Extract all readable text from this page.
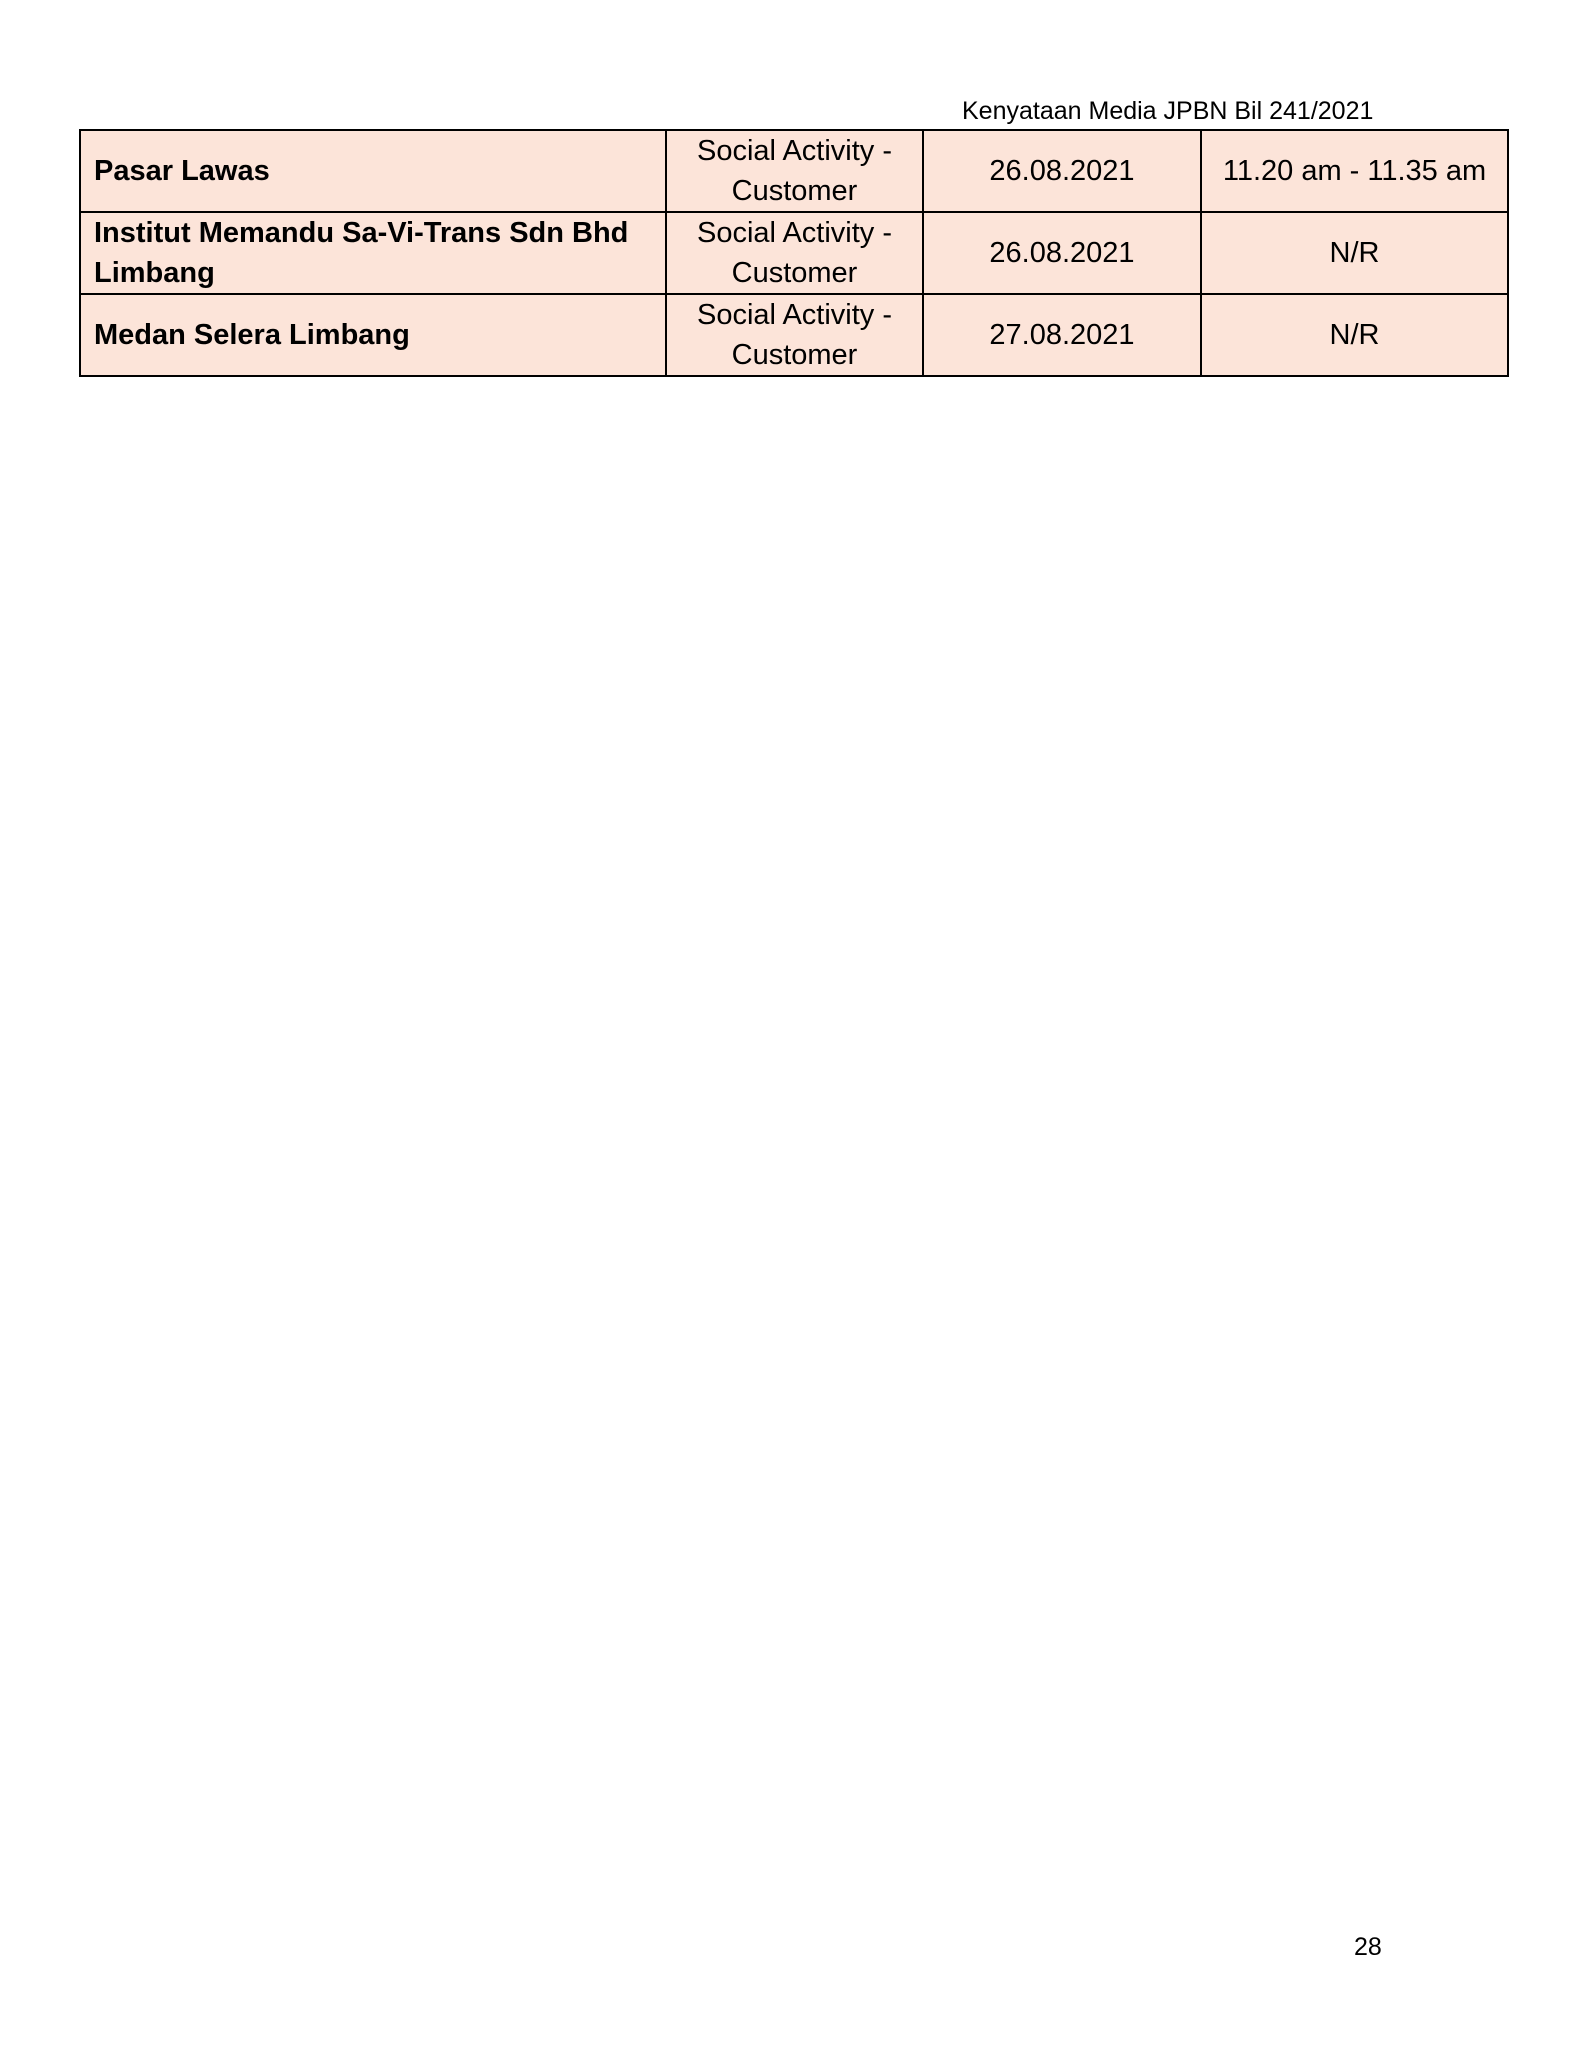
Kenyataan Media JPBN Bil 241/2021
Pasar Lawas	Social Activity - Customer	26.08.2021	11.20 am - 11.35 am
Institut Memandu Sa-Vi-Trans Sdn Bhd Limbang	Social Activity - Customer	26.08.2021	N/R
Medan Selera Limbang	Social Activity - Customer	27.08.2021	N/R
28
